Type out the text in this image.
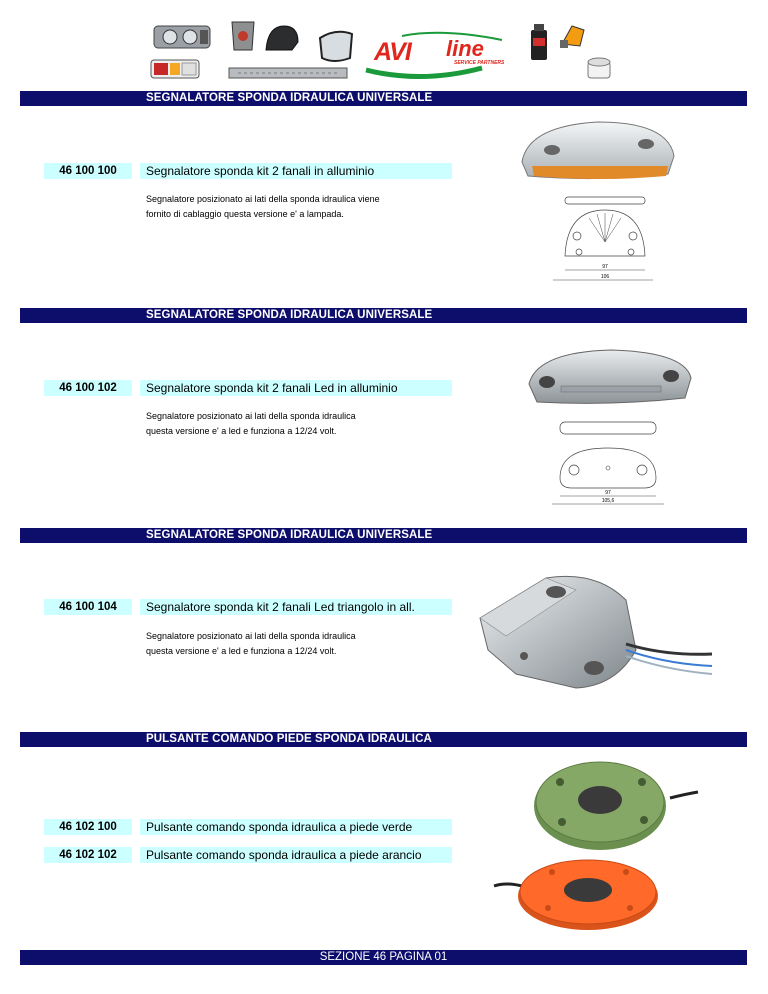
AVI line
SERVICE PARTNERS
SEGNALATORE SPONDA IDRAULICA UNIVERSALE
46 100 100	Segnalatore sponda kit 2 fanali in alluminio
Segnalatore posizionato ai lati della sponda idraulica viene
fornito di cablaggio questa versione e' a lampada.
97
106
SEGNALATORE SPONDA IDRAULICA UNIVERSALE
46 100 102	Segnalatore sponda kit 2 fanali Led in alluminio
Segnalatore posizionato ai lati della sponda idraulica
questa versione e' a led e funziona a 12/24 volt.
97
105,6
SEGNALATORE SPONDA IDRAULICA UNIVERSALE
46 100 104	Segnalatore sponda kit 2 fanali Led triangolo in all.
Segnalatore posizionato ai lati della sponda idraulica
questa versione e' a led e funziona a 12/24 volt.
PULSANTE COMANDO PIEDE SPONDA IDRAULICA
46 102 100	Pulsante comando sponda idraulica a piede verde
46 102 102	Pulsante comando sponda idraulica a piede arancio
SEZIONE 46 PAGINA 01
